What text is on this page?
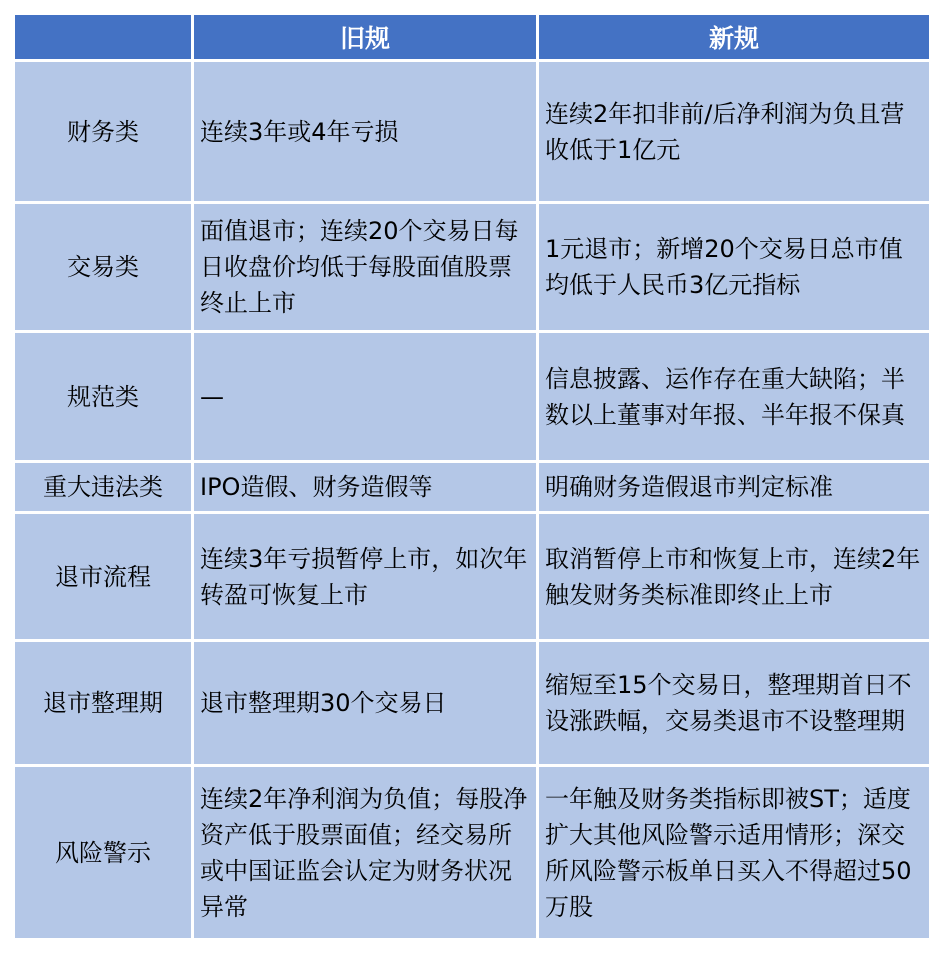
	旧规	新规
财务类	连续3年或4年亏损	连续2年扣非前/后净利润为负且营收低于1亿元
交易类	面值退市；连续20个交易日每日收盘价均低于每股面值股票终止上市	1元退市；新增20个交易日总市值均低于人民币3亿元指标
规范类	—	信息披露、运作存在重大缺陷；半数以上董事对年报、半年报不保真
重大违法类	IPO造假、财务造假等	明确财务造假退市判定标准
退市流程	连续3年亏损暂停上市，如次年转盈可恢复上市	取消暂停上市和恢复上市，连续2年触发财务类标准即终止上市
退市整理期	退市整理期30个交易日	缩短至15个交易日，整理期首日不设涨跌幅，交易类退市不设整理期
风险警示	连续2年净利润为负值；每股净资产低于股票面值；经交易所或中国证监会认定为财务状况异常	一年触及财务类指标即被ST；适度扩大其他风险警示适用情形；深交所风险警示板单日买入不得超过50万股
